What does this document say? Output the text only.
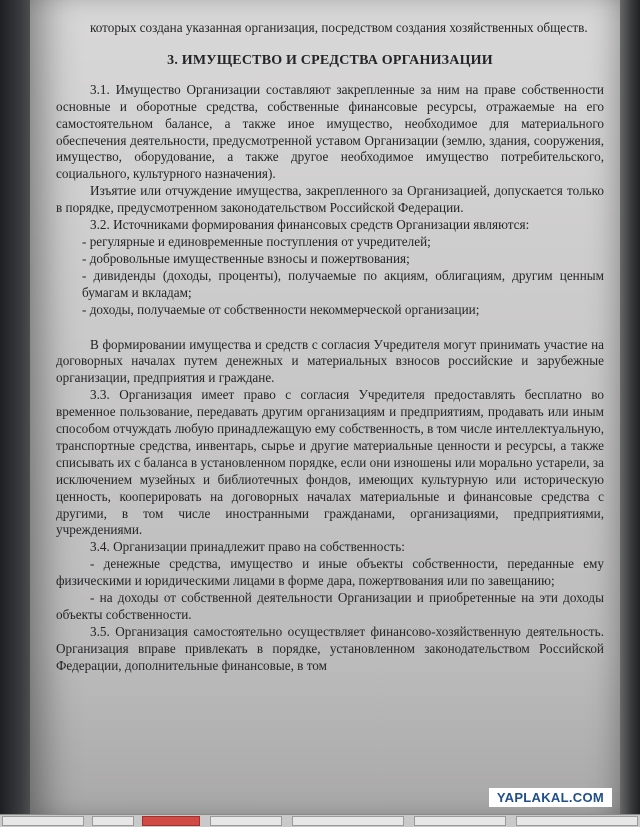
которых создана указанная организация, посредством создания хозяйственных обществ.

3. ИМУЩЕСТВО И СРЕДСТВА ОРГАНИЗАЦИИ

3.1. Имущество Организации составляют закрепленные за ним на праве собственности основные и оборотные средства, собственные финансовые ресурсы, отражаемые на его самостоятельном балансе, а также иное имущество, необходимое для материального обеспечения деятельности, предусмотренной уставом Организации (землю, здания, сооружения, имущество, оборудование, а также другое необходимое имущество потребительского, социального, культурного назначения).

Изъятие или отчуждение имущества, закрепленного за Организацией, допускается только в порядке, предусмотренном законодательством Российской Федерации.

3.2. Источниками формирования финансовых средств Организации являются:

- регулярные и единовременные поступления от учредителей;
- добровольные имущественные взносы и пожертвования;
- дивиденды (доходы, проценты), получаемые по акциям, облигациям, другим ценным бумагам и вкладам;
- доходы, получаемые от собственности некоммерческой организации;

В формировании имущества и средств с согласия Учредителя могут принимать участие на договорных началах путем денежных и материальных взносов российские и зарубежные организации, предприятия и граждане.

3.3. Организация имеет право с согласия Учредителя предоставлять бесплатно во временное пользование, передавать другим организациям и предприятиям, продавать или иным способом отчуждать любую принадлежащую ему собственность, в том числе интеллектуальную, транспортные средства, инвентарь, сырье и другие материальные ценности и ресурсы, а также списывать их с баланса в установленном порядке, если они изношены или морально устарели, за исключением музейных и библиотечных фондов, имеющих культурную или историческую ценность, кооперировать на договорных началах материальные и финансовые средства с другими, в том числе иностранными гражданами, организациями, предприятиями, учреждениями.

3.4. Организации принадлежит право на собственность:

- денежные средства, имущество и иные объекты собственности, переданные ему физическими и юридическими лицами в форме дара, пожертвования или по завещанию;

- на доходы от собственной деятельности Организации и приобретенные на эти доходы объекты собственности.

3.5. Организация самостоятельно осуществляет финансово-хозяйственную деятельность. Организация вправе привлекать в порядке, установленном законодательством Российской Федерации, дополнительные финансовые, в том

YAPLAKAL.COM
